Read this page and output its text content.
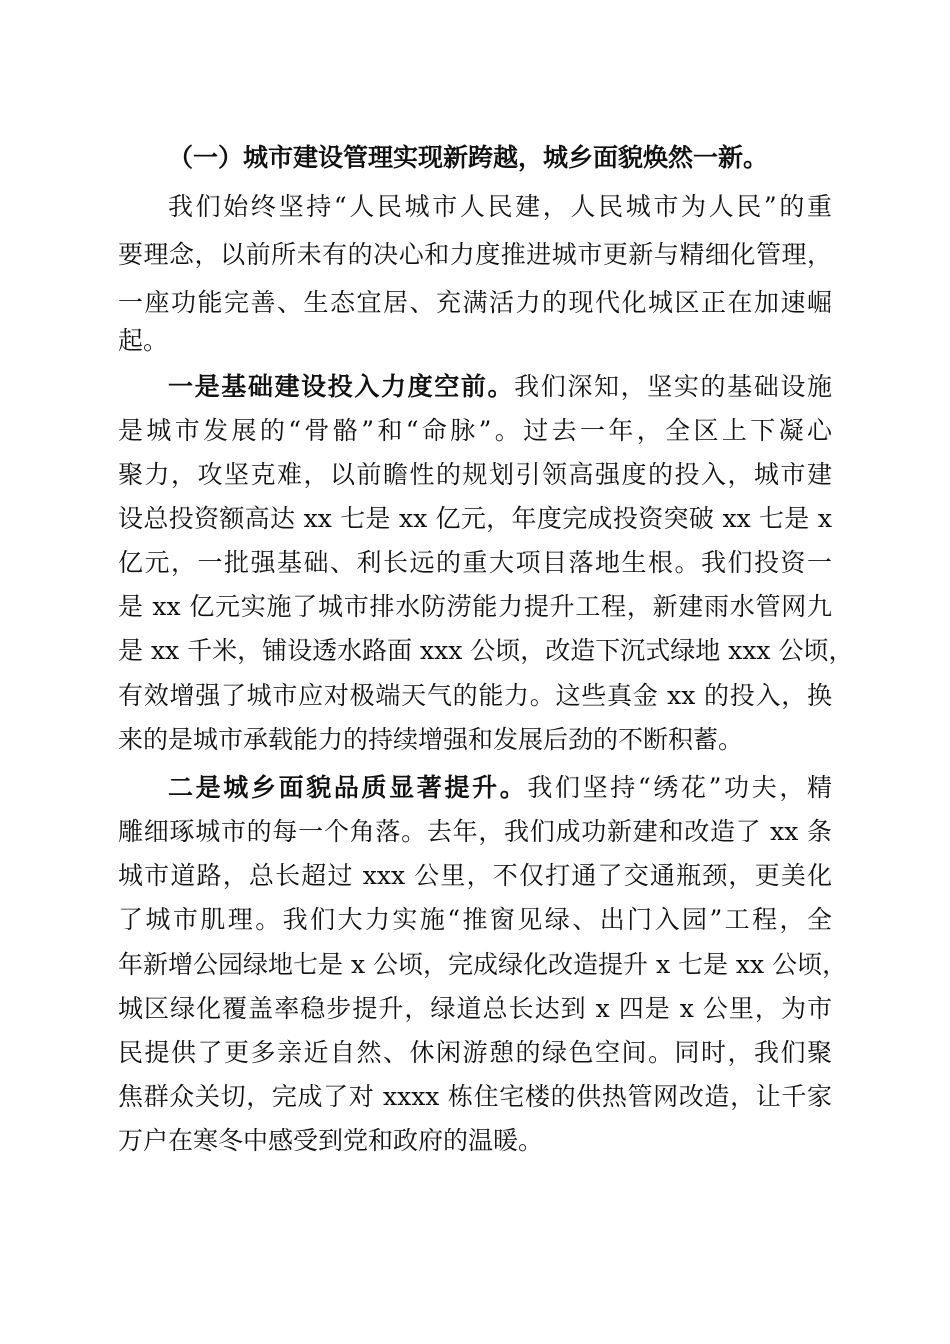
（一）城市建设管理实现新跨越，城乡面貌焕然一新。

我们始终坚持“人民城市人民建，人民城市为人民”的重

要理念，以前所未有的决心和力度推进城市更新与精细化管理，

一座功能完善、生态宜居、充满活力的现代化城区正在加速崛

起。

一是基础建设投入力度空前。我们深知，坚实的基础设施

是城市发展的“骨骼”和“命脉”。过去一年，全区上下凝心

聚力，攻坚克难，以前瞻性的规划引领高强度的投入，城市建

设总投资额高达 xx 七是 xx 亿元，年度完成投资突破 xx 七是 x

亿元，一批强基础、利长远的重大项目落地生根。我们投资一

是 xx 亿元实施了城市排水防涝能力提升工程，新建雨水管网九

是 xx 千米，铺设透水路面 xxx 公顷，改造下沉式绿地 xxx 公顷，

有效增强了城市应对极端天气的能力。这些真金 xx 的投入，换

来的是城市承载能力的持续增强和发展后劲的不断积蓄。

二是城乡面貌品质显著提升。我们坚持“绣花”功夫，精

雕细琢城市的每一个角落。去年，我们成功新建和改造了 xx 条

城市道路，总长超过 xxx 公里，不仅打通了交通瓶颈，更美化

了城市肌理。我们大力实施“推窗见绿、出门入园”工程，全

年新增公园绿地七是 x 公顷，完成绿化改造提升 x 七是 xx 公顷，

城区绿化覆盖率稳步提升，绿道总长达到 x 四是 x 公里，为市

民提供了更多亲近自然、休闲游憩的绿色空间。同时，我们聚

焦群众关切，完成了对 xxxx 栋住宅楼的供热管网改造，让千家

万户在寒冬中感受到党和政府的温暖。
